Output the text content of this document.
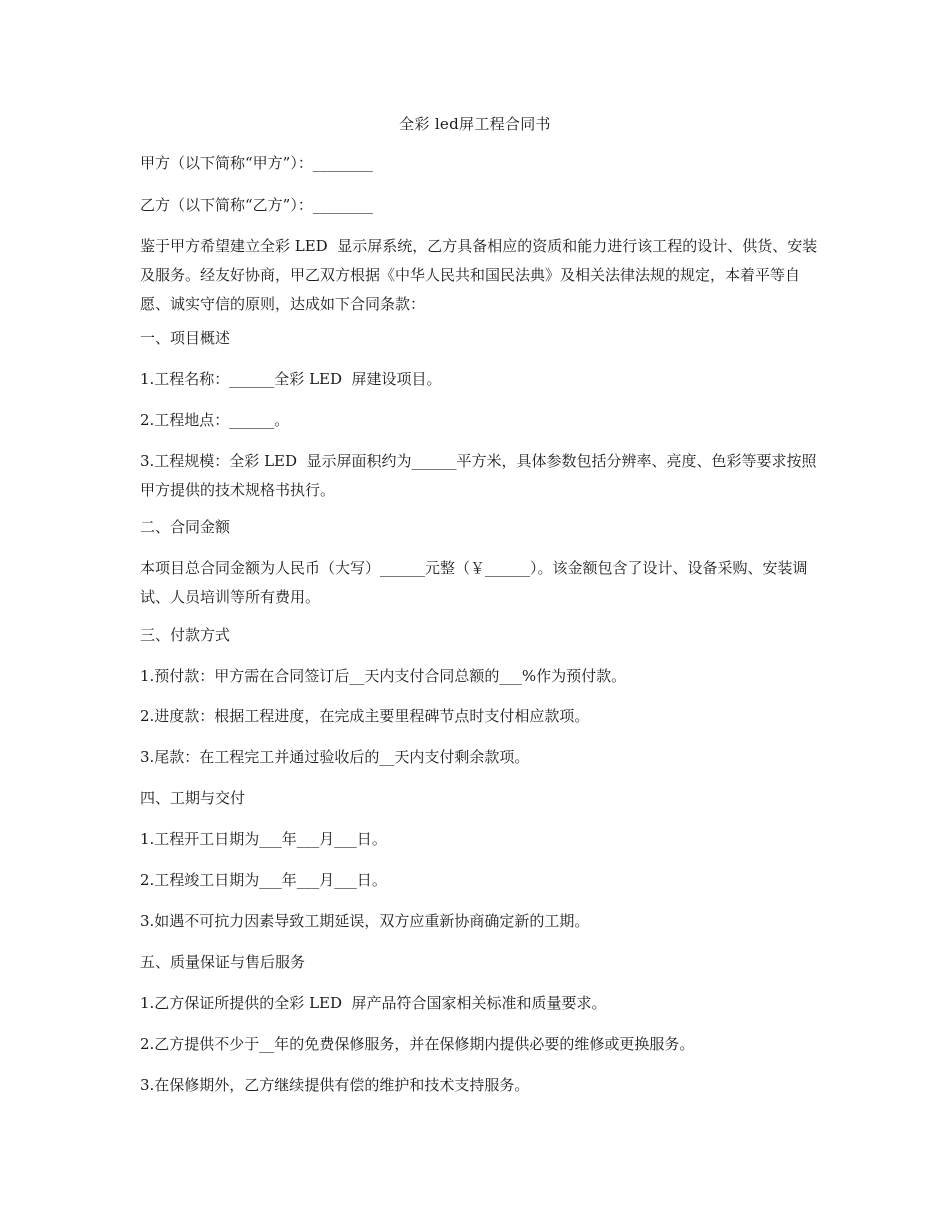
全彩 led屏工程合同书
甲方（以下简称“甲方”）：________
乙方（以下简称“乙方”）：________
鉴于甲方希望建立全彩 LED  显示屏系统，乙方具备相应的资质和能力进行该工程的设计、供货、安装及服务。经友好协商，甲乙双方根据《中华人民共和国民法典》及相关法律法规的规定，本着平等自愿、诚实守信的原则，达成如下合同条款：
一、项目概述
1.工程名称：______全彩 LED  屏建设项目。
2.工程地点：______。
3.工程规模：全彩 LED  显示屏面积约为______平方米，具体参数包括分辨率、亮度、色彩等要求按照甲方提供的技术规格书执行。
二、合同金额
本项目总合同金额为人民币（大写）______元整（￥______）。该金额包含了设计、设备采购、安装调试、人员培训等所有费用。
三、付款方式
1.预付款：甲方需在合同签订后__天内支付合同总额的___%作为预付款。
2.进度款：根据工程进度，在完成主要里程碑节点时支付相应款项。
3.尾款：在工程完工并通过验收后的__天内支付剩余款项。
四、工期与交付
1.工程开工日期为___年___月___日。
2.工程竣工日期为___年___月___日。
3.如遇不可抗力因素导致工期延误，双方应重新协商确定新的工期。
五、质量保证与售后服务
1.乙方保证所提供的全彩 LED  屏产品符合国家相关标准和质量要求。
2.乙方提供不少于__年的免费保修服务，并在保修期内提供必要的维修或更换服务。
3.在保修期外，乙方继续提供有偿的维护和技术支持服务。
